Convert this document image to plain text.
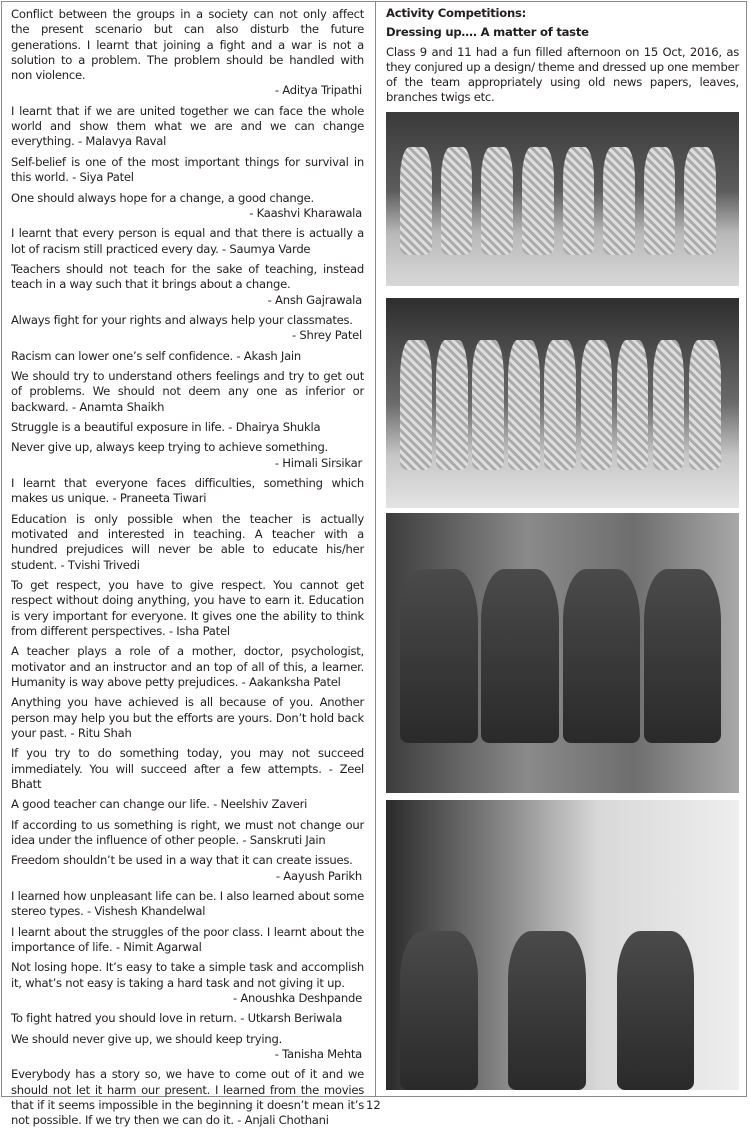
Conflict between the groups in a society can not only affect the present scenario but can also disturb the future generations. I learnt that joining a fight and a war is not a solution to a problem. The problem should be handled with non violence.
- Aditya Tripathi

I learnt that if we are united together we can face the whole world and show them what we are and we can change everything. - Malavya Raval

Self-belief is one of the most important things for survival in this world. - Siya Patel

One should always hope for a change, a good change.
- Kaashvi Kharawala

I learnt that every person is equal and that there is actually a lot of racism still practiced every day. - Saumya Varde

Teachers should not teach for the sake of teaching, instead teach in a way such that it brings about a change.
- Ansh Gajrawala

Always fight for your rights and always help your classmates.
- Shrey Patel

Racism can lower one’s self confidence. - Akash Jain

We should try to understand others feelings and try to get out of problems. We should not deem any one as inferior or backward. - Anamta Shaikh

Struggle is a beautiful exposure in life. - Dhairya Shukla

Never give up, always keep trying to achieve something.
- Himali Sirsikar

I learnt that everyone faces difficulties, something which makes us unique. - Praneeta Tiwari

Education is only possible when the teacher is actually motivated and interested in teaching. A teacher with a hundred prejudices will never be able to educate his/her student. - Tvishi Trivedi

To get respect, you have to give respect. You cannot get respect without doing anything, you have to earn it. Education is very important for everyone. It gives one the ability to think from different perspectives. - Isha Patel

A teacher plays a role of a mother, doctor, psychologist, motivator and an instructor and an top of all of this, a learner. Humanity is way above petty prejudices. - Aakanksha Patel

Anything you have achieved is all because of you. Another person may help you but the efforts are yours. Don’t hold back your past. - Ritu Shah

If you try to do something today, you may not succeed immediately. You will succeed after a few attempts. - Zeel Bhatt

A good teacher can change our life. - Neelshiv Zaveri

If according to us something is right, we must not change our idea under the influence of other people. - Sanskruti Jain

Freedom shouldn’t be used in a way that it can create issues.
- Aayush Parikh

I learned how unpleasant life can be. I also learned about some stereo types. - Vishesh Khandelwal

I learnt about the struggles of the poor class. I learnt about the importance of life. - Nimit Agarwal

Not losing hope. It’s easy to take a simple task and accomplish it, what’s not easy is taking a hard task and not giving it up.
- Anoushka Deshpande

To fight hatred you should love in return. - Utkarsh Beriwala

We should never give up, we should keep trying.
- Tanisha Mehta

Everybody has a story so, we have to come out of it and we should not let it harm our present. I learned from the movies that if it seems impossible in the beginning it doesn’t mean it’s not possible. If we try then we can do it. - Anjali Chothani

Activity Competitions:
Dressing up…. A matter of taste

Class 9 and 11 had a fun filled afternoon on 15 Oct, 2016, as they conjured up a design/ theme and dressed up one member of the team appropriately using old news papers, leaves, branches twigs etc.

12
